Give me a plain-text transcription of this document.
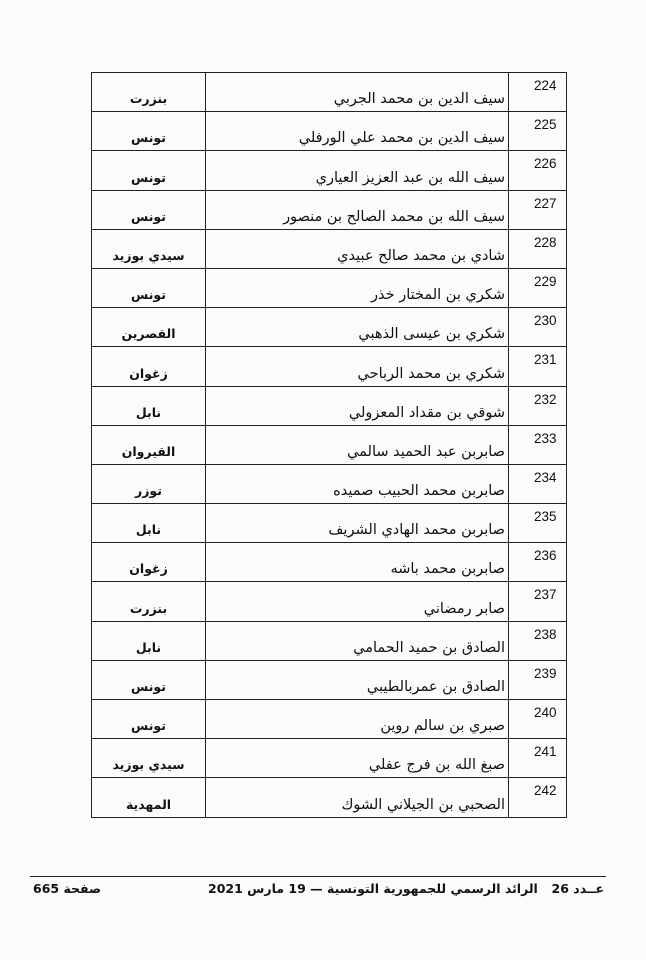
بنزرت	سيف الدين بن محمد الجربي	224
تونس	سيف الدين بن محمد علي الورفلي	225
تونس	سيف الله بن عبد العزيز العياري	226
تونس	سيف الله بن محمد الصالح بن منصور	227
سيدي بوزيد	شادي بن محمد صالح عبيدي	228
تونس	شكري بن المختار خذر	229
القصرين	شكري بن عيسى الذهبي	230
زغوان	شكري بن محمد الرباحي	231
نابل	شوقي بن مقداد المعزولي	232
القيروان	صابربن عبد الحميد سالمي	233
توزر	صابربن محمد الحبيب صميده	234
نابل	صابربن محمد الهادي الشريف	235
زغوان	صابربن محمد باشه	236
بنزرت	صابر رمضاني	237
نابل	الصادق بن حميد الحمامي	238
تونس	الصادق بن عمربالطيبي	239
تونس	صبري بن سالم روين	240
سيدي بوزيد	صبغ الله بن فرج عفلي	241
المهدية	الصحبي بن الجيلاني الشوك	242
صفحة 665	الرائد الرسمي للجمهورية التونسية — 19 مارس 2021 عــدد 26
